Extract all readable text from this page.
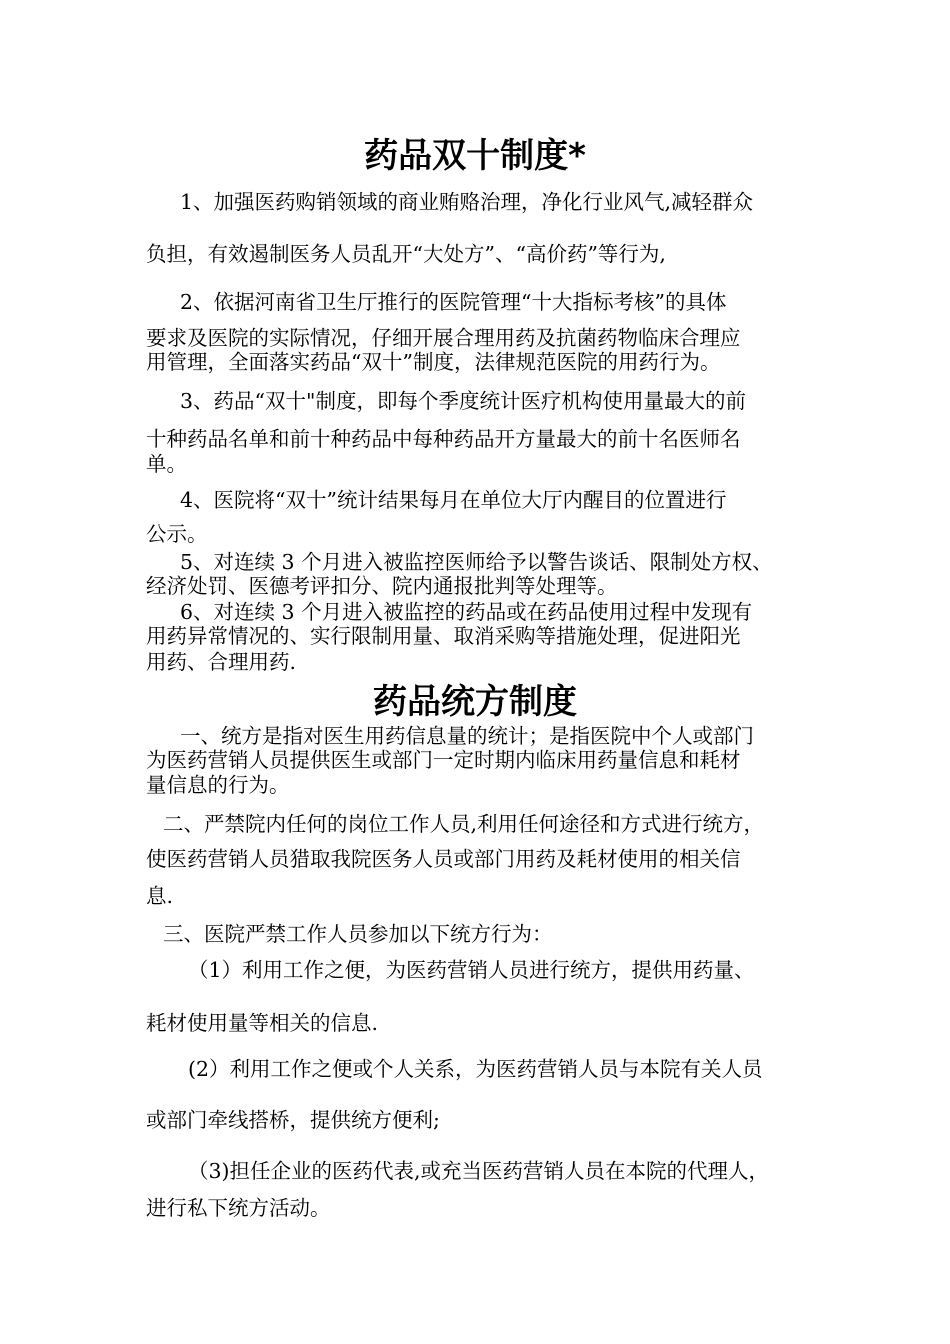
药品双十制度*

1、加强医药购销领域的商业贿赂治理，净化行业风气,减轻群众

负担，有效遏制医务人员乱开“大处方”、“高价药”等行为,

2、依据河南省卫生厅推行的医院管理“十大指标考核”的具体

要求及医院的实际情况，仔细开展合理用药及抗菌药物临床合理应

用管理，全面落实药品“双十”制度，法律规范医院的用药行为。

3、药品“双十"制度，即每个季度统计医疗机构使用量最大的前

十种药品名单和前十种药品中每种药品开方量最大的前十名医师名

单。

4、医院将“双十”统计结果每月在单位大厅内醒目的位置进行

公示。

5、对连续 3 个月进入被监控医师给予以警告谈话、限制处方权、

经济处罚、医德考评扣分、院内通报批判等处理等。

6、对连续 3 个月进入被监控的药品或在药品使用过程中发现有

用药异常情况的、实行限制用量、取消采购等措施处理，促进阳光

用药、合理用药.

药品统方制度

一、统方是指对医生用药信息量的统计；是指医院中个人或部门

为医药营销人员提供医生或部门一定时期内临床用药量信息和耗材

量信息的行为。

二、严禁院内任何的岗位工作人员,利用任何途径和方式进行统方，

使医药营销人员猎取我院医务人员或部门用药及耗材使用的相关信

息.

三、医院严禁工作人员参加以下统方行为：

（1）利用工作之便，为医药营销人员进行统方，提供用药量、

耗材使用量等相关的信息.

(2）利用工作之便或个人关系，为医药营销人员与本院有关人员

或部门牵线搭桥，提供统方便利;

（3)担任企业的医药代表,或充当医药营销人员在本院的代理人，

进行私下统方活动。
